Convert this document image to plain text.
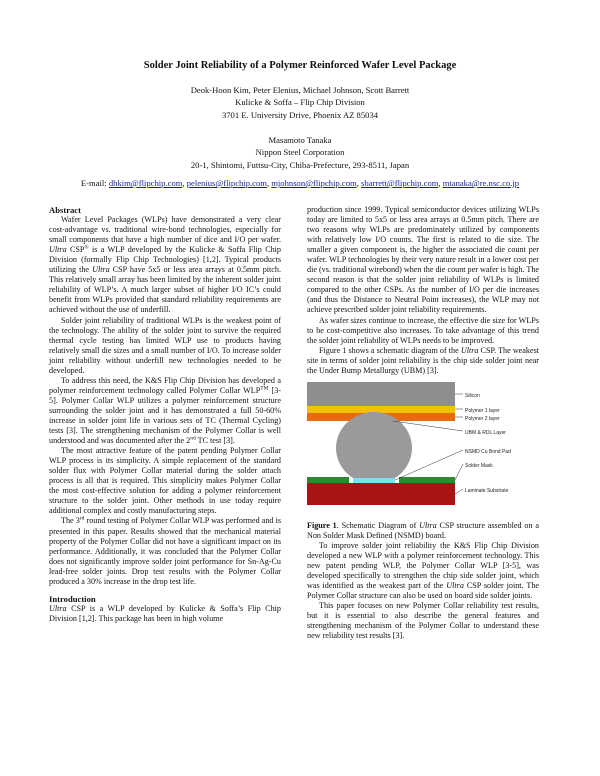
Solder Joint Reliability of a Polymer Reinforced Wafer Level Package
Deok-Hoon Kim, Peter Elenius, Michael Johnson, Scott Barrett
Kulicke & Soffa – Flip Chip Division
3701 E. University Drive, Phoenix AZ 85034
Masamoto Tanaka
Nippon Steel Corporation
20-1, Shintomi, Futtsu-City, Chiba-Prefecture, 293-8511, Japan
E-mail: dhkim@flipchip.com, pelenius@flipchip.com, mjohnson@flipchip.com, sbarrett@flipchip.com, mtanaka@re.nsc.co.jp

Abstract

Wafer Level Packages (WLPs) have demonstrated a very clear cost-advantage vs. traditional wire-bond technologies, especially for small components that have a high number of dice and I/O per wafer. Ultra CSP® is a WLP developed by the Kulicke & Soffa Flip Chip Division (formally Flip Chip Technologies) [1,2]. Typical products utilizing the Ultra CSP have 5x5 or less area arrays at 0.5mm pitch. This relatively small array has been limited by the inherent solder joint reliability of WLP’s. A much larger subset of higher I/O IC’s could benefit from WLPs provided that standard reliability requirements are achieved without the use of underfill.

Solder joint reliability of traditional WLPs is the weakest point of the technology. The ability of the solder joint to survive the required thermal cycle testing has limited WLP use to products having relatively small die sizes and a small number of I/O. To increase solder joint reliability without underfill new technologies needed to be developed.

To address this need, the K&S Flip Chip Division has developed a polymer reinforcement technology called Polymer Collar WLP™ [3-5]. Polymer Collar WLP utilizes a polymer reinforcement structure surrounding the solder joint and it has demonstrated a full 50-60% increase in solder joint life in various sets of TC (Thermal Cycling) tests [3]. The strengthening mechanism of the Polymer Collar is well understood and was documented after the 2nd TC test [3].

The most attractive feature of the patent pending Polymer Collar WLP process is its simplicity. A simple replacement of the standard solder flux with Polymer Collar material during the solder attach process is all that is required. This simplicity makes Polymer Collar the most cost-effective solution for adding a polymer reinforcement structure to the solder joint. Other methods in use today require additional complex and costly manufacturing steps.

The 3rd round testing of Polymer Collar WLP was performed and is presented in this paper. Results showed that the mechanical material property of the Polymer Collar did not have a significant impact on its performance. Additionally, it was concluded that the Polymer Collar does not significantly improve solder joint performance for Sn-Ag-Cu lead-free solder joints. Drop test results with the Polymer Collar produced a 30% increase in the drop test life.

Introduction

Ultra CSP is a WLP developed by Kulicke & Soffa’s Flip Chip Division [1,2]. This package has been in high volume

production since 1999. Typical semiconductor devices utilizing WLPs today are limited to 5x5 or less area arrays at 0.5mm pitch. There are two reasons why WLPs are predominately utilized by components with relatively low I/O counts. The first is related to die size. The smaller a given component is, the higher the associated die count per wafer. WLP technologies by their very nature result in a lower cost per die (vs. traditional wirebond) when the die count per wafer is high. The second reason is that the solder joint reliability of WLPs is limited compared to the other CSPs. As the number of I/O per die increases (and thus the Distance to Neutral Point increases), the WLP may not achieve prescribed solder joint reliability requirements.

As wafer sizes continue to increase, the effective die size for WLPs to be cost-competitive also increases. To take advantage of this trend the solder joint reliability of WLPs needs to be improved.

Figure 1 shows a schematic diagram of the Ultra CSP. The weakest site in terms of solder joint reliability is the chip side solder joint near the Under Bump Metallurgy (UBM) [3].

Silicon
Polymer 1 layer
Polymer 2 layer
UBM & RDL Layer
NSMD Cu Bond Pad
Solder Mask
Laminate Substrate

Figure 1. Schematic Diagram of Ultra CSP structure assembled on a Non Solder Mask Defined (NSMD) board.

To improve solder joint reliability the K&S Flip Chip Division developed a new WLP with a polymer reinforcement technology. This new patent pending WLP, the Polymer Collar WLP [3-5], was developed specifically to strengthen the chip side solder joint, which was identified as the weakest part of the Ultra CSP solder joint. The Polymer Collar structure can also be used on board side solder joints.

This paper focuses on new Polymer Collar reliability test results, but it is essential to also describe the general features and strengthening mechanism of the Polymer Collar to understand these new reliability test results [3].
